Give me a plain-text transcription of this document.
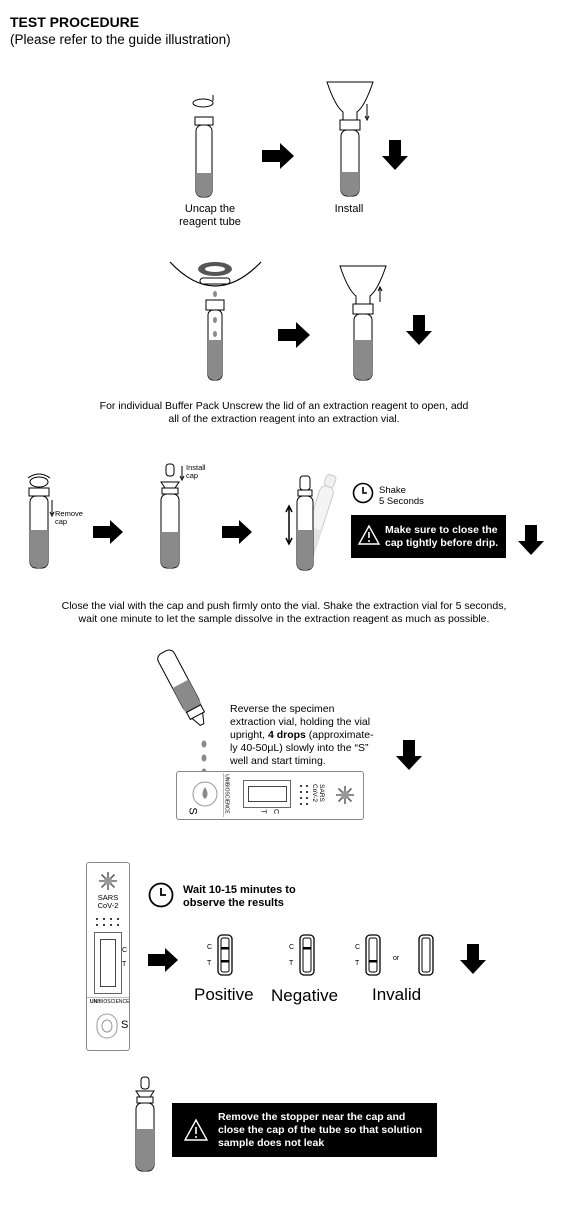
TEST PROCEDURE
(Please refer to the guide illustration)
Uncap the
reagent tube
Install
For individual Buffer Pack Unscrew the lid of an extraction reagent to open, add
all of the extraction reagent into an extraction vial.
Remove
cap
Install
cap
Shake
5 Seconds
Make sure to close the
cap tightly before drip.
Close the vial with the cap and push firmly onto the vial. Shake the extraction vial for 5 seconds,
wait one minute to let the sample dissolve in the extraction reagent as much as possible.
Reverse the specimen
extraction vial, holding the vial
upright, 4 drops (approximate-
ly 40-50μL) slowly into the “S”
well and start timing.
S	UNIBIOSCIENCE	C
T
SARS
CoV-2
SARS
CoV-2
C
T
UNIBIOSCIENCE
S
Wait 10-15 minutes to
observe the results
C
T
Positive
C
T
Negative
C
T
or
Invalid
Remove the stopper near the cap and
close the cap of the tube so that solution
sample does not leak
